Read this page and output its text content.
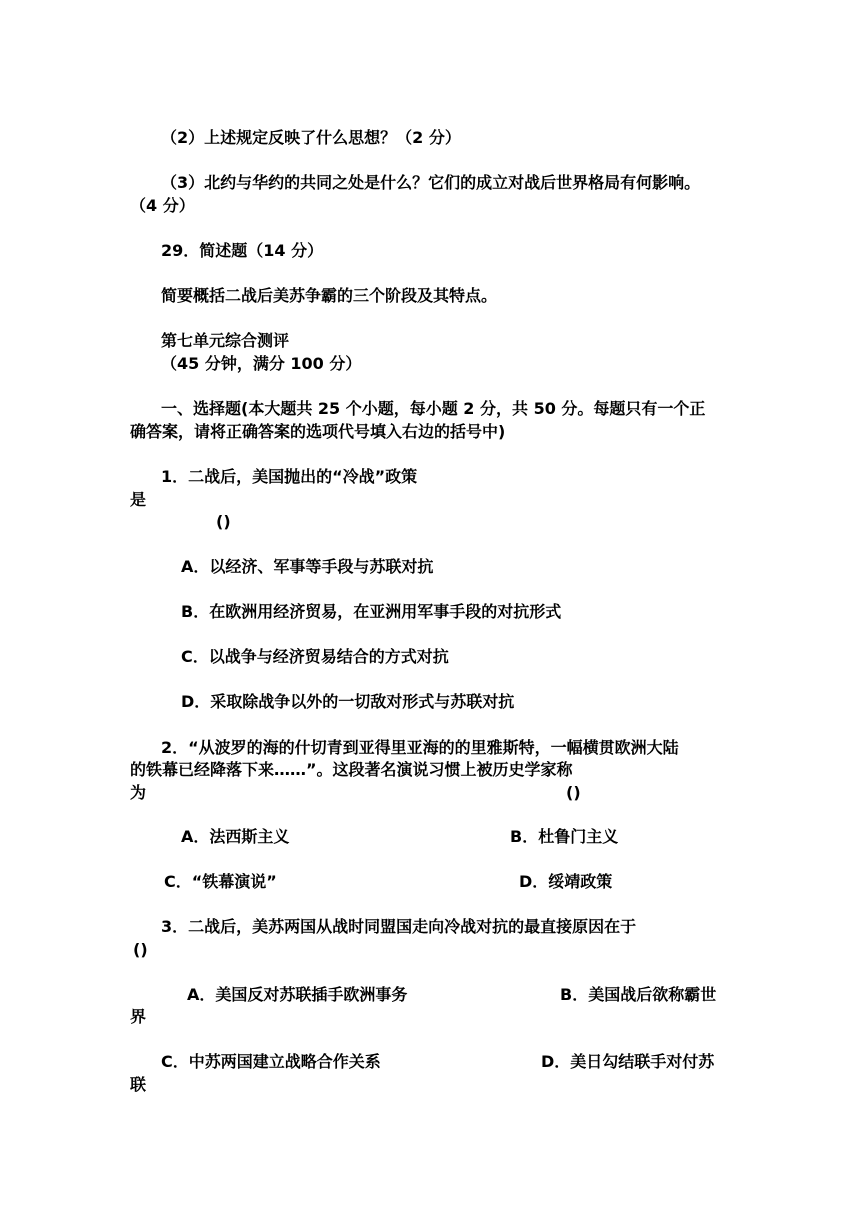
（2）上述规定反映了什么思想？（2 分）
（3）北约与华约的共同之处是什么？它们的成立对战后世界格局有何影响。
（4 分）
29．简述题（14 分）
简要概括二战后美苏争霸的三个阶段及其特点。
第七单元综合测评
（45 分钟，满分 100 分）
一、选择题(本大题共 25 个小题，每小题 2 分，共 50 分。每题只有一个正
确答案，请将正确答案的选项代号填入右边的括号中)
1．二战后，美国抛出的“冷战”政策
是
()
A．以经济、军事等手段与苏联对抗
B．在欧洲用经济贸易，在亚洲用军事手段的对抗形式
C．以战争与经济贸易结合的方式对抗
D．采取除战争以外的一切敌对形式与苏联对抗
2．“从波罗的海的什切青到亚得里亚海的的里雅斯特，一幅横贯欧洲大陆
的铁幕已经降落下来……”。这段著名演说习惯上被历史学家称
为	()
A．法西斯主义	B．杜鲁门主义
C．“铁幕演说”	D．绥靖政策
3．二战后，美苏两国从战时同盟国走向冷战对抗的最直接原因在于
()
A．美国反对苏联插手欧洲事务	B．美国战后欲称霸世
界
C．中苏两国建立战略合作关系	D．美日勾结联手对付苏
联
